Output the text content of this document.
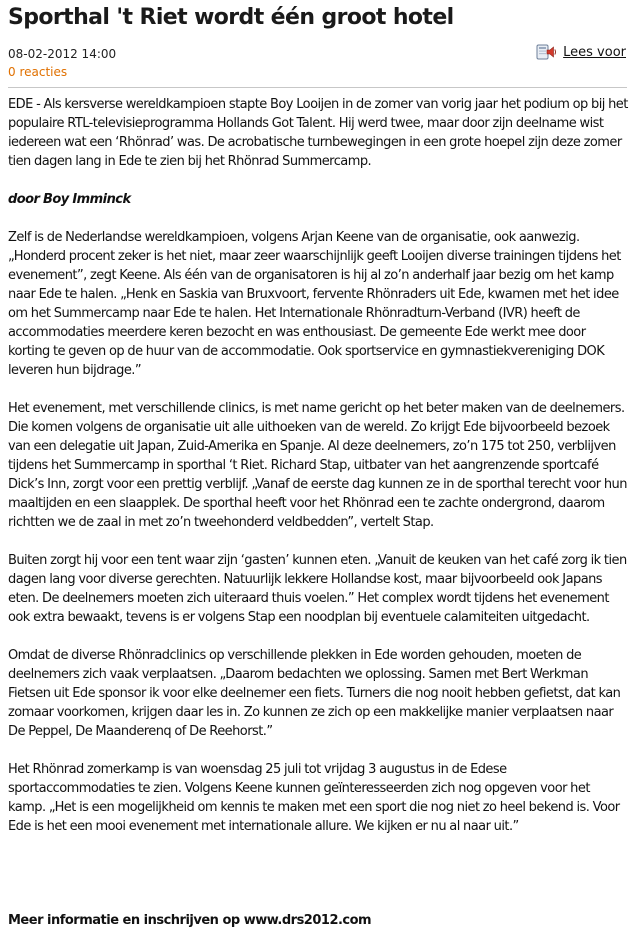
Sporthal 't Riet wordt één groot hotel
08-02-2012 14:00
0 reacties
Lees voor

EDE - Als kersverse wereldkampioen stapte Boy Looijen in de zomer van vorig jaar het podium op bij het populaire RTL-televisieprogramma Hollands Got Talent. Hij werd twee, maar door zijn deelname wist iedereen wat een ‘Rhönrad’ was. De acrobatische turnbewegingen in een grote hoepel zijn deze zomer tien dagen lang in Ede te zien bij het Rhönrad Summercamp.

door Boy Imminck

Zelf is de Nederlandse wereldkampioen, volgens Arjan Keene van de organisatie, ook aanwezig. „Honderd procent zeker is het niet, maar zeer waarschijnlijk geeft Looijen diverse trainingen tijdens het evenement”, zegt Keene. Als één van de organisatoren is hij al zo’n anderhalf jaar bezig om het kamp naar Ede te halen. „Henk en Saskia van Bruxvoort, fervente Rhönraders uit Ede, kwamen met het idee om het Summercamp naar Ede te halen. Het Internationale Rhönradturn-Verband (IVR) heeft de accommodaties meerdere keren bezocht en was enthousiast. De gemeente Ede werkt mee door korting te geven op de huur van de accommodatie. Ook sportservice en gymnastiekvereniging DOK leveren hun bijdrage.”

Het evenement, met verschillende clinics, is met name gericht op het beter maken van de deelnemers. Die komen volgens de organisatie uit alle uithoeken van de wereld. Zo krijgt Ede bijvoorbeeld bezoek van een delegatie uit Japan, Zuid-Amerika en Spanje. Al deze deelnemers, zo’n 175 tot 250, verblijven tijdens het Summercamp in sporthal ‘t Riet. Richard Stap, uitbater van het aangrenzende sportcafé Dick’s Inn, zorgt voor een prettig verblijf. „Vanaf de eerste dag kunnen ze in de sporthal terecht voor hun maaltijden en een slaapplek. De sporthal heeft voor het Rhönrad een te zachte ondergrond, daarom richtten we de zaal in met zo’n tweehonderd veldbedden”, vertelt Stap.

Buiten zorgt hij voor een tent waar zijn ‘gasten’ kunnen eten. „Vanuit de keuken van het café zorg ik tien dagen lang voor diverse gerechten. Natuurlijk lekkere Hollandse kost, maar bijvoorbeeld ook Japans eten. De deelnemers moeten zich uiteraard thuis voelen.” Het complex wordt tijdens het evenement ook extra bewaakt, tevens is er volgens Stap een noodplan bij eventuele calamiteiten uitgedacht.

Omdat de diverse Rhönradclinics op verschillende plekken in Ede worden gehouden, moeten de deelnemers zich vaak verplaatsen. „Daarom bedachten we oplossing. Samen met Bert Werkman Fietsen uit Ede sponsor ik voor elke deelnemer een fiets. Turners die nog nooit hebben gefietst, dat kan zomaar voorkomen, krijgen daar les in. Zo kunnen ze zich op een makkelijke manier verplaatsen naar De Peppel, De Maanderenq of De Reehorst.”

Het Rhönrad zomerkamp is van woensdag 25 juli tot vrijdag 3 augustus in de Edese sportaccommodaties te zien. Volgens Keene kunnen geïnteresseerden zich nog opgeven voor het kamp. „Het is een mogelijkheid om kennis te maken met een sport die nog niet zo heel bekend is. Voor Ede is het een mooi evenement met internationale allure. We kijken er nu al naar uit.”

Meer informatie en inschrijven op www.drs2012.com
